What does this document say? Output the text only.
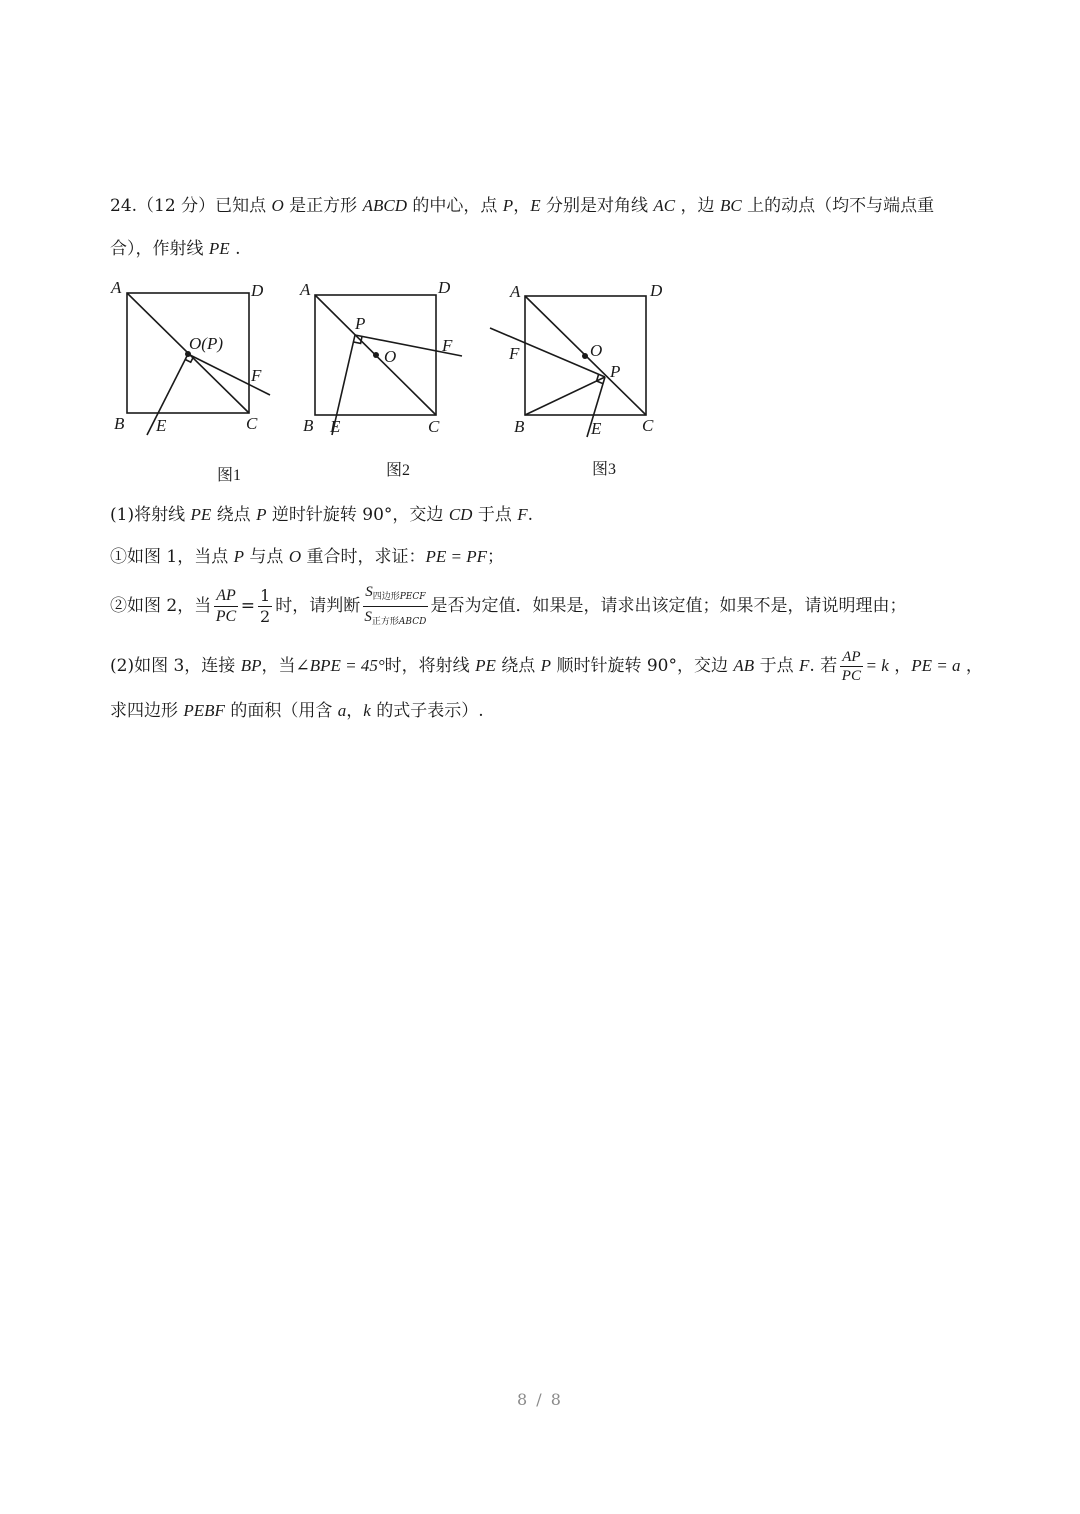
24.（12 分）已知点 O 是正方形 ABCD 的中心，点 P，E 分别是对角线 AC ，边 BC 上的动点（均不与端点重
合），作射线 PE .
A	D
B	C
E
F
O(P)
图1
A	D
B	C
E
F
P
O
图2
A	D
B	C
E
F	O
P
图3
(1)将射线 PE 绕点 P 逆时针旋转 90°，交边 CD 于点 F.
①如图 1，当点 P 与点 O 重合时，求证：PE = PF；
②如图 2，当 $\frac{AP}{PC} = \frac{1}{2}$ 时，请判断 $\frac{S_{四边形PECF}}{S_{正方形ABCD}}$ 是否为定值．如果是，请求出该定值；如果不是，请说明理由；
(2)如图 3，连接 BP，当∠BPE = 45°时，将射线 PE 绕点 P 顺时针旋转 90°，交边 AB 于点 F. 若 $\frac{AP}{PC} = k$ ，PE = a ，
求四边形 PEBF 的面积（用含 a，k 的式子表示）.
8 / 8
